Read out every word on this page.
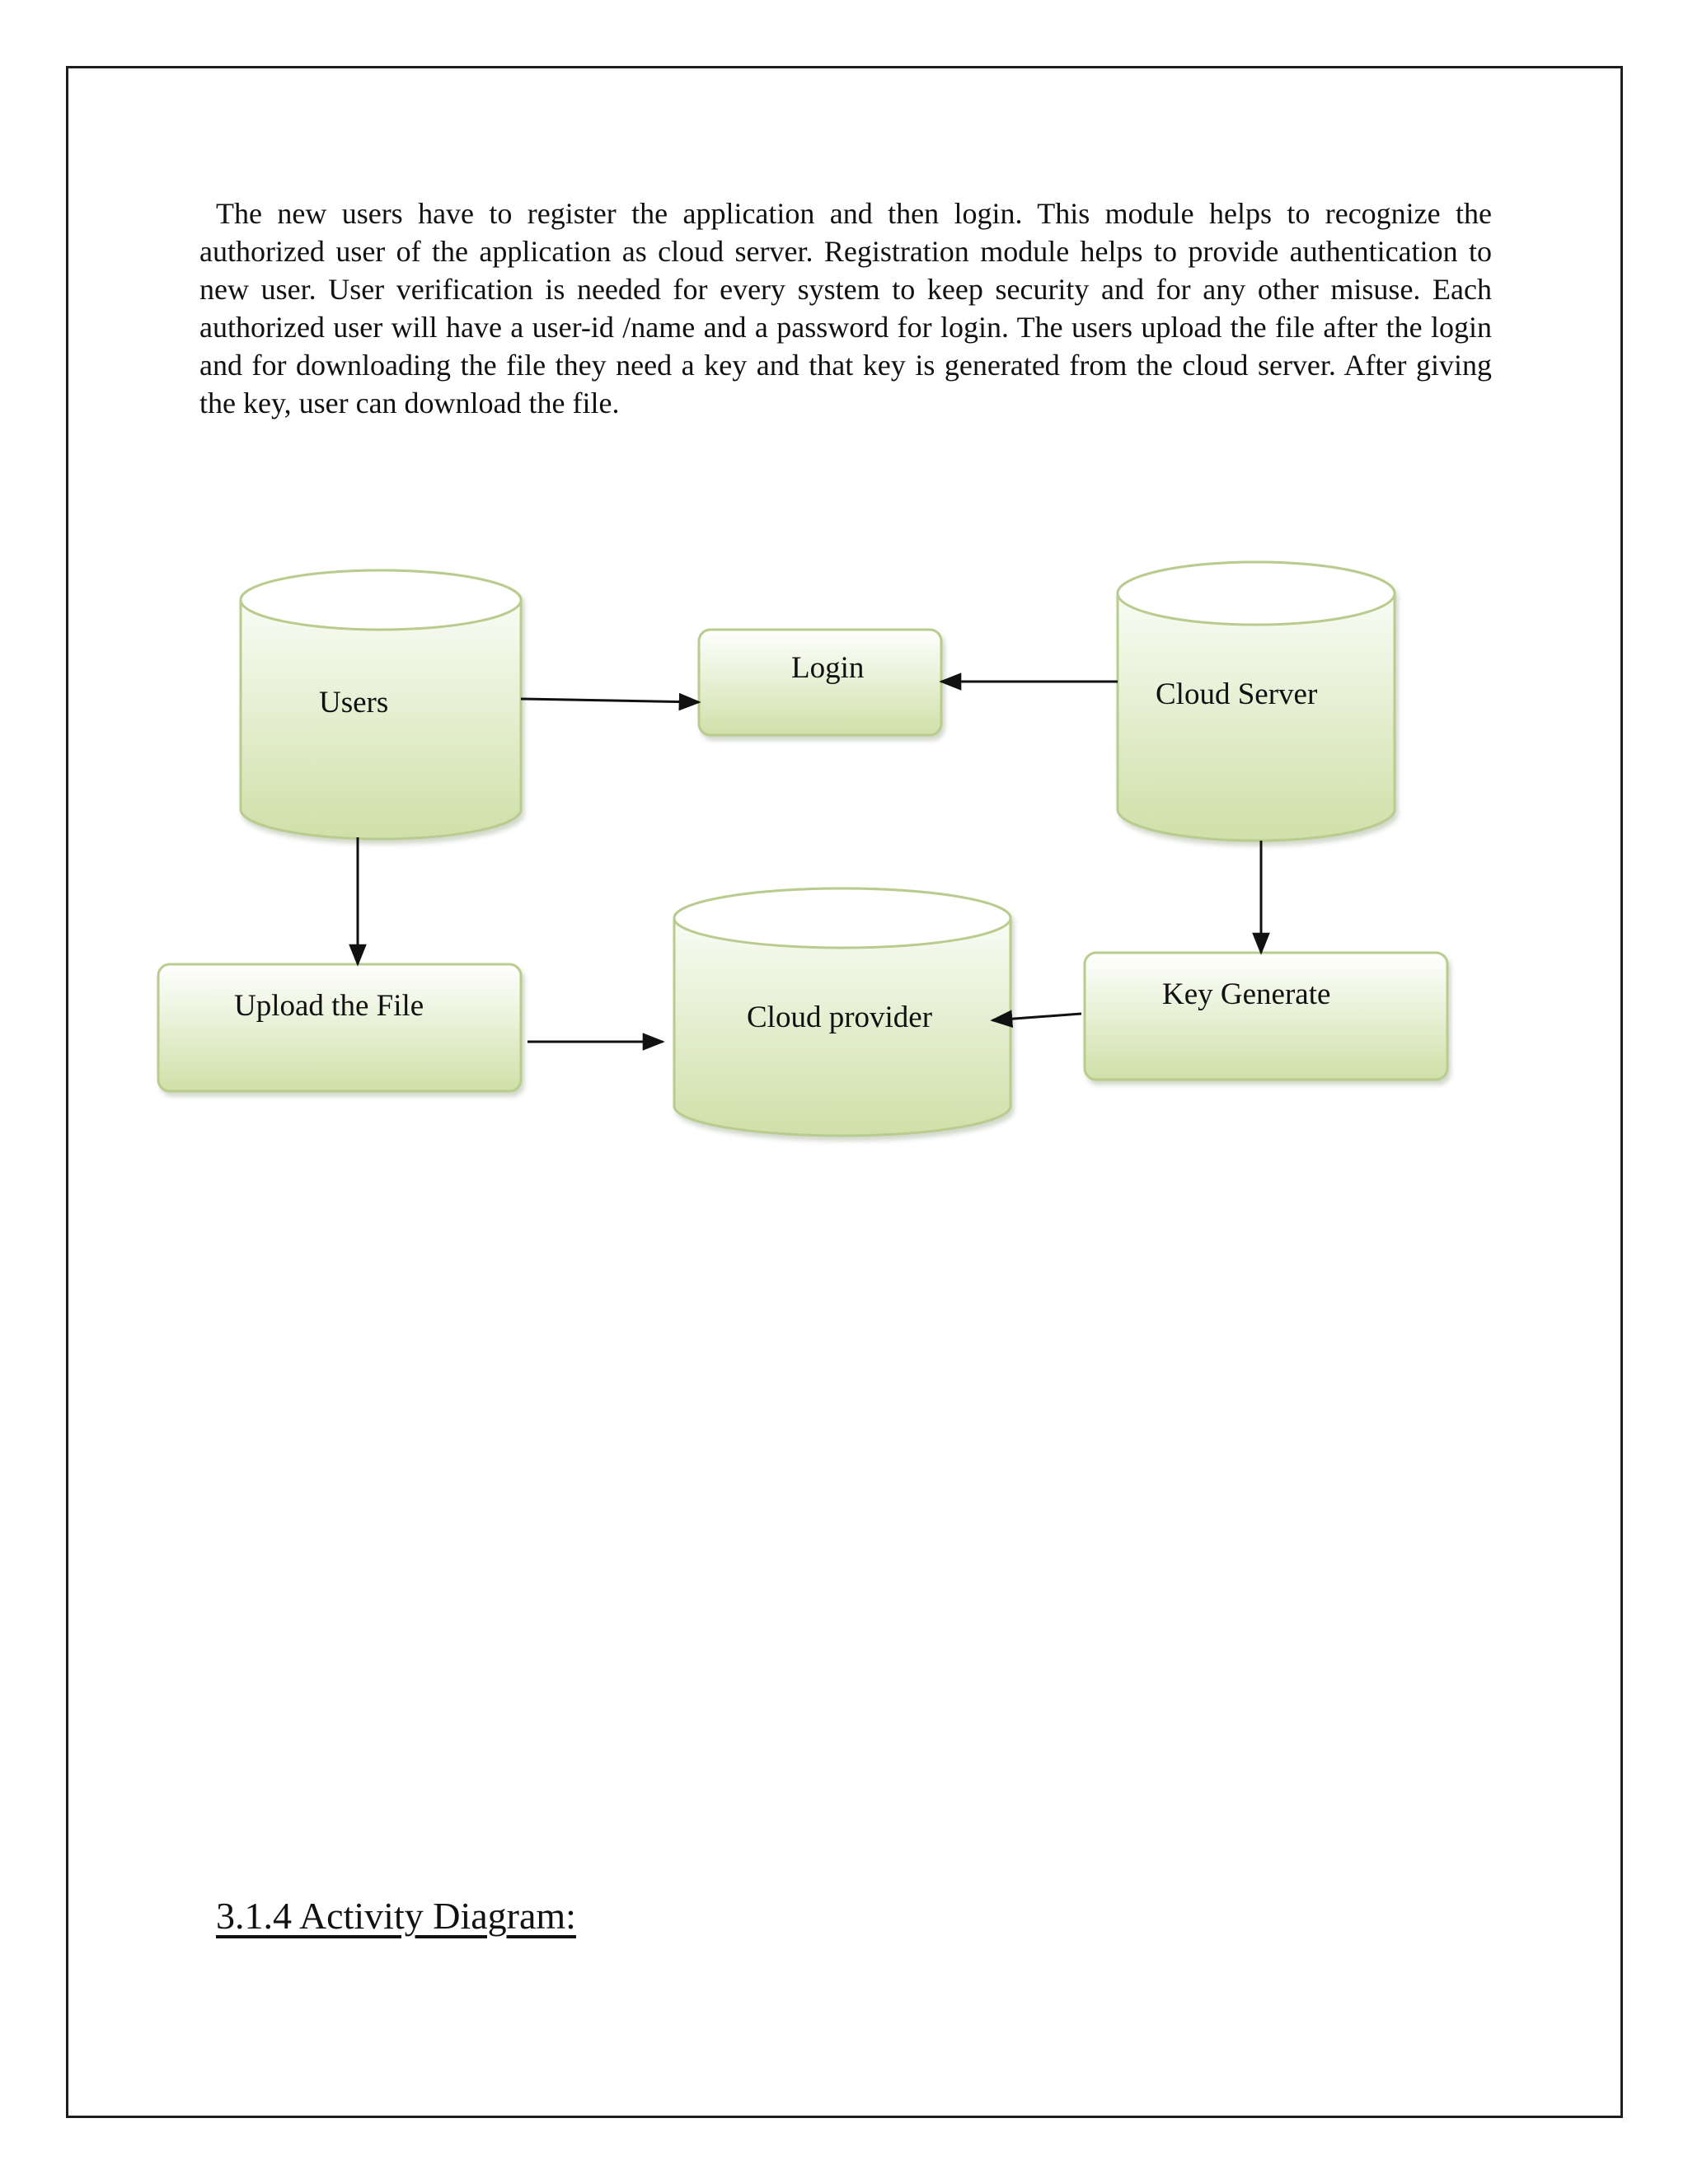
The new users have to register the application and then login. This module helps to recognize the authorized user of the application as cloud server. Registration module helps to provide authentication to new user. User verification is needed for every system to keep security and for any other misuse. Each authorized user will have a user-id /name and a password for login. The users upload the file after the login and for downloading the file they need a key and that key is generated from the cloud server. After giving the key, user can download the file.

Users
Login
Cloud Server
Upload the File	Cloud provider
Key Generate
3.1.4 Activity Diagram:
